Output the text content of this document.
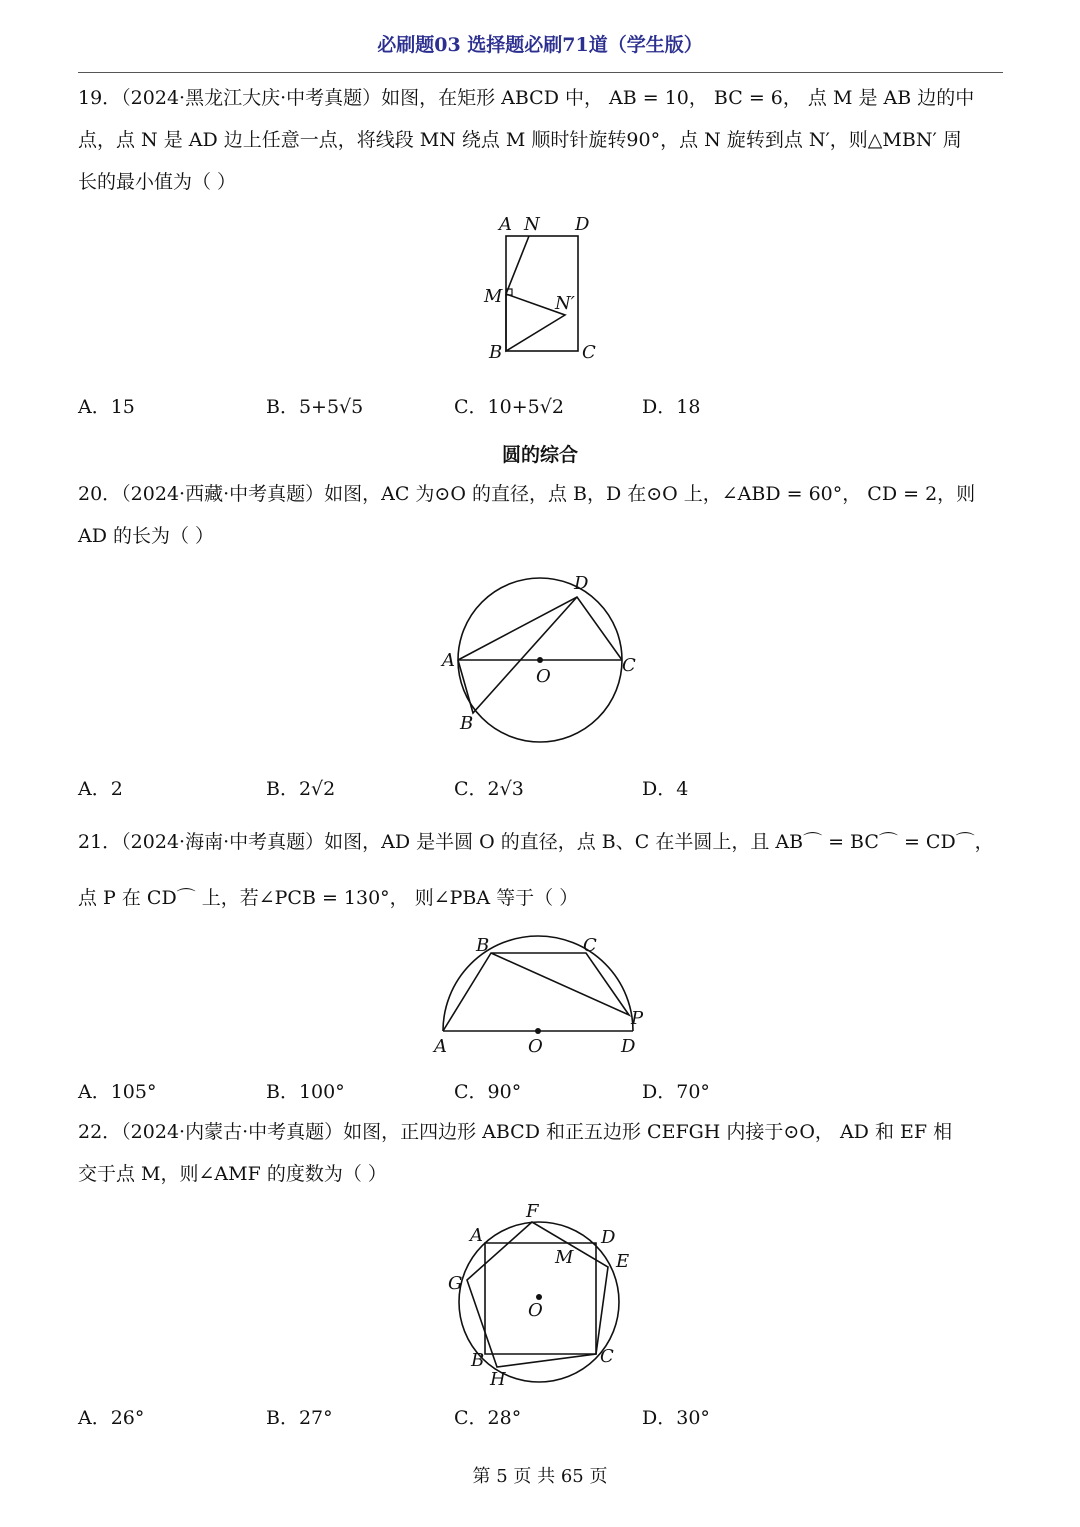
必刷题03 选择题必刷71道（学生版）
19．（2024·黑龙江大庆·中考真题）如图，在矩形 ABCD 中， AB = 10， BC = 6， 点 M 是 AB 边的中
点，点 N 是 AD 边上任意一点，将线段 MN 绕点 M 顺时针旋转90°，点 N 旋转到点 N′，则△MBN′ 周
长的最小值为（ ）
A N D
M	N′
B	C
A．15	B．5+5√5	C．10+5√2	D．18
圆的综合
20．（2024·西藏·中考真题）如图，AC 为⊙O 的直径，点 B，D 在⊙O 上，∠ABD = 60°， CD = 2，则
AD 的长为（ ）
D
A
O
C
B
A．2	B．2√2	C．2√3	D．4
21．（2024·海南·中考真题）如图，AD 是半圆 O 的直径，点 B、C 在半圆上，且 AB⌒ = BC⌒ = CD⌒，
点 P 在 CD⌒ 上，若∠PCB = 130°， 则∠PBA 等于（ ）
B	C
P
A	O	D
A．105°	B．100°	C．90°	D．70°
22．（2024·内蒙古·中考真题）如图，正四边形 ABCD 和正五边形 CEFGH 内接于⊙O， AD 和 EF 相
交于点 M，则∠AMF 的度数为（ ）
F
A	D
M E
G
O
B	C
H
A．26°	B．27°	C．28°	D．30°
第 5 页 共 65 页
